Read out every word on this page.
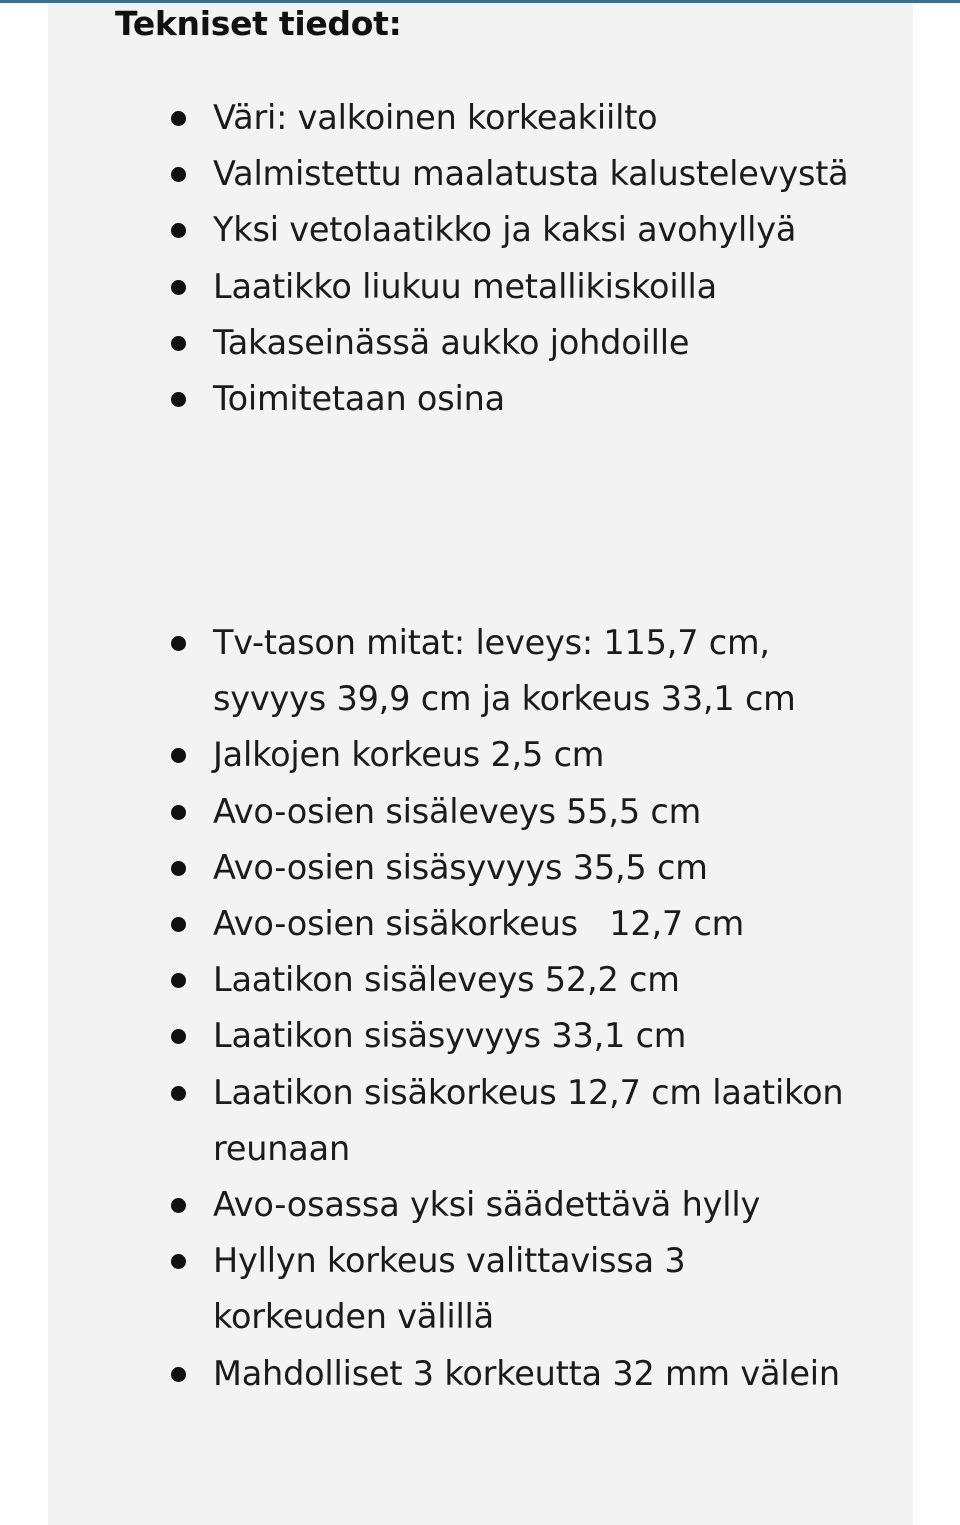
Tekniset tiedot:
Väri: valkoinen korkeakiilto
Valmistettu maalatusta kalustelevystä
Yksi vetolaatikko ja kaksi avohyllyä
Laatikko liukuu metallikiskoilla
Takaseinässä aukko johdoille
Toimitetaan osina
Tv-tason mitat: leveys: 115,7 cm, syvyys 39,9 cm ja korkeus 33,1 cm
Jalkojen korkeus 2,5 cm
Avo-osien sisäleveys 55,5 cm
Avo-osien sisäsyvyys 35,5 cm
Avo-osien sisäkorkeus   12,7 cm
Laatikon sisäleveys 52,2 cm
Laatikon sisäsyvyys 33,1 cm
Laatikon sisäkorkeus 12,7 cm laatikon reunaan
Avo-osassa yksi säädettävä hylly
Hyllyn korkeus valittavissa 3 korkeuden välillä
Mahdolliset 3 korkeutta 32 mm välein
